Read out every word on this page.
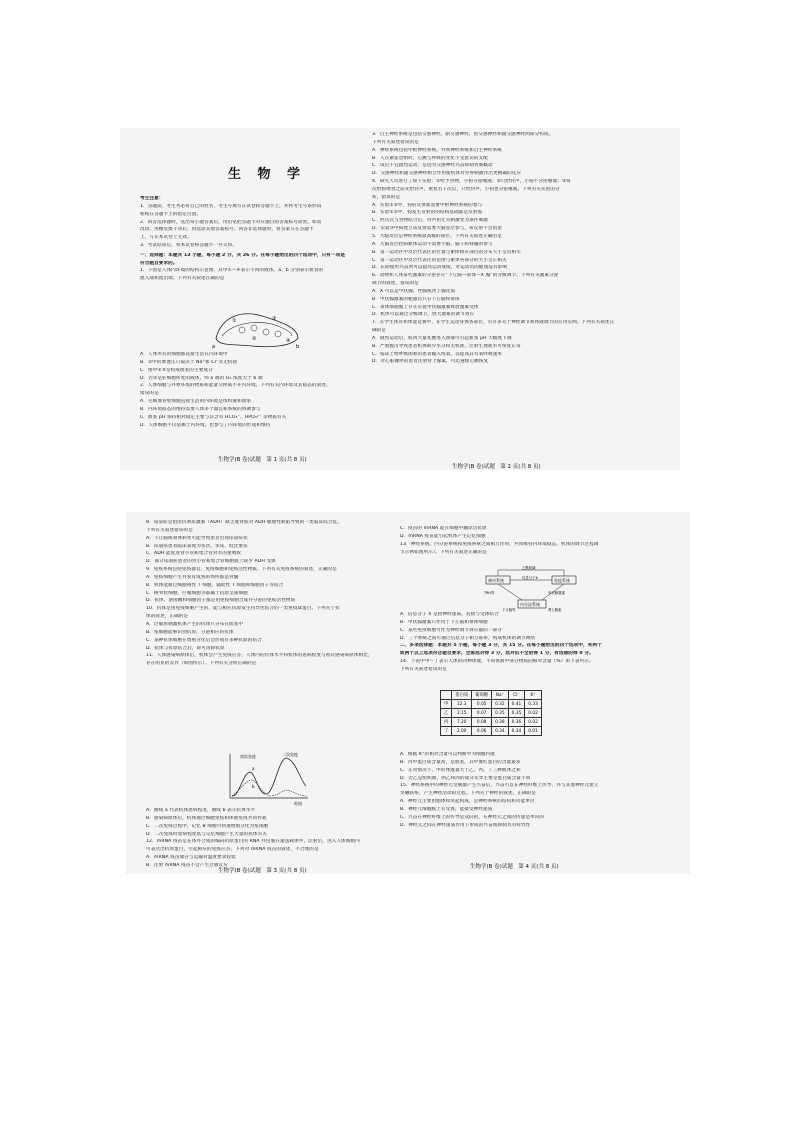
生 物 学

考生注意：

1．答题前，考生务必将自己的姓名、考生号填写在试卷和答题卡上，并将考生号条形码

粘贴在答题卡上的指定位置。

2．回答选择题时，选出每小题答案后，用铅笔把答题卡对应题目的答案标号涂黑。如需

改动，用橡皮擦干净后，再选涂其他答案标号。回答非选择题时，将答案写在答题卡

上，写在本试卷上无效。

3．考试结束后，将本试卷和答题卡一并交回。

一、选择题：本题共 13 小题，每小题 2 分，共 26 分。在每小题给出的四个选项中，只有一项是

符合题目要求的。

1．下图是人体内环境的结构示意图，其中①～④表示不同的液体，a、b 分别表示血管的

流入端和流出端。下列有关叙述正确的是

①
②
③
④
a	b

A．人体所有的细胞都直接生活在内环境中

B．①中的渗透压只取决于 Na⁺和 Cl⁻等无机盐

C．图中②③是构成血浆的主要成分

D．若②是肝细胞所处的液体，则 a 端的 O₂ 浓度大于 b 端

2．人体细胞与外界环境的物质和能量交换离不开内环境。下列有关内环境及其稳态的叙述，

错误的是

A．毛细血管壁细胞直接生活的内环境是组织液和血浆

B．内环境稳态的维持需要人体多个器官和系统的协调参与

C．血浆 pH 保持相对稳定主要与其含有 HCO₃⁻、HPO₄²⁻ 等物质有关

D．人体细胞不仅依赖于内环境，也参与了内环境的形成和维持

生物学(B 卷)试题　第 1 页(共 8 页)

3．自主神经系统是包括交感神经、副交感神经，由交感神经和副交感神经两部分构成。

下列有关叙述错误的是

A．神经系统包括中枢神经系统、外周神经系统和自主神经系统

B．人在紧张恐惧时，心跳与呼吸的变化不受意识的支配

C．饭后不宜剧烈运动，是因为交感神经兴奋抑制胃肠蠕动

D．交感神经和副交感神经相互作用使机体对外界刺激作出更精确的反应

4．研究人员进行了如下实验：①给予食物，小狗分泌唾液；②只给铃声，小狗不分泌唾液；③每

次给狗喂食之前先给铃声，重复若干次后，只给铃声，小狗也分泌唾液。下列有关实验的分

析，错误的是

A．实验①③中，狗的反射都需要中枢神经系统的参与

B．实验①③中，狗发生反射的的结构基础都是反射弧

C．经历次与食物结合后，铃声由无关刺激变为条件刺激

D．实验③中狗建立该反射需要大脑皮层参与，该反射不会消退

5．大脑皮层是神经系统最高级的部位。下列有关叙述正确的是

A．大脑皮层控制躯体运动不需要小脑、脑干和脊髓的参与

B．第一运动区中皮层代表区的位置与躯体相应部位的分布大小呈负相关

C．第一运动区中皮层代表区的范围与躯体各部分的大小呈正相关

D．长期使用兴奋剂可以提高运动成绩，对运动员的健康没有影响

6．动物和人体某些激素的分泌存在“下丘脑—垂体—X 腺”的分级调节。下列有关激素分泌

调节的叙述，错误的是

A．X 可以是甲状腺、性腺或肾上腺皮质

B．甲状腺激素的靶器官只有下丘脑和垂体

C．垂体细胞膜上存在有促甲状腺激素释放激素受体

D．机体可以通过分级调节，放大激素的调节效应

7．在学生体育和体能竞赛中，在学生运动身体各部位，有许多关于神经调节和体液调节的应用实例。下列有关叙述正

确的是

A．剧烈运动后，肌肉大量乳酸进入血液可引起血浆 pH 大幅度下降

B．严重腹泻导致患者机体缺少水分和无机盐，注射生理盐水可恢复正常

C．临床上给呼吸困难的患者输入纯氧，以提高其有氧呼吸速率

D．对心脏骤停的患者注射肾上腺素，可迅速使心跳恢复

生物学(B 卷)试题　第 2 页(共 8 页)

8．尿崩症是指由抗利尿激素（ADH）缺乏或肾脏对 ADH 敏感性缺陷导致的一类临床综合征。

下列有关叙述错误的是

A．下丘脑或垂体病变可能导致患者出现尿崩症状

B．尿崩症患者临床表现为多饮、多尿、低比重尿

C．ADH 能促进肾小管和集合管对水的重吸收

D．部分尿崩症患者的肾小管和集合管细胞膜上缺少 ADH 受体

9．免疫系统包括免疫器官、免疫细胞和免疫活性物质。下列有关免疫系统的叙述，正确的是

A．免疫细胞产生并发育成熟的场所都是骨髓

B．机体能通过细胞毒性 T 细胞、辅助性 T 细胞和细胞因子等结合

C．树突状细胞、巨噬细胞等都属于抗原呈递细胞

D．抗体、溶菌酶和细胞因子都是由免疫细胞合成并分泌的免疫活性物质

10．抗体是由免疫细胞产生的，能与相应抗原发生特异性结合的一类免疫球蛋白。下列关于抗

体的叙述，正确的是

A．过敏原刺激机体产生的抗体只分布在血浆中

B．浆细胞能够识别抗原，分泌相应的抗体

C．某种抗体细胞在增殖分化后会形成有多种抗原的结合

D．抗体与抗原结合后，即可清除抗原

11．人体感染病原体后，机体会产生免疫应答，人体内的抗体水平和机体的患病程度与初次感染病原体相比，

存在明显的差异（如图所示）。下列有关分析正确的是

初次免疫	二次免疫
a
b
时间

A．曲线 a 代表机体患病程度，曲线 b 表示抗体水平

B．感染病原体后，机体通过细胞免疫和体液免疫共同作战

C．二次免疫过程中，记忆 B 细胞可快速增殖分化为浆细胞

D．二次免疫时患病程度低与记忆细胞产生大量的抗体有关

12．mRNA 疫苗是在体外合成的编码抗原蛋白的 RNA 并包裹在递送载体中，注射后，进入人体细胞内

可表达出抗原蛋白，引起相应的免疫应答，下列对 mRNA 疫苗的叙述，不合理的是

A．mRNA 疫苗储存与运输对温度要求较低

B．注射 mRNA 疫苗不会产生过敏反应

生物学(B 卷)试题　第 3 页(共 8 页)

C．疫苗的 mRNA 能在细胞中翻译出抗原

D．mRNA 疫苗能引起机体产生记忆细胞

13．神经系统、内分泌系统和免疫系统之间相互作用，共同维持内环境稳态。机体的调节过程调

节示例如图所示）。下列有关叙述正确的是

神经系统	免疫系统
内分泌系统
乙酰胆碱
信息分子X
TRH等	甲状腺激素
下丘脑等	肾上腺素

A．信息分子 X 是指神经递质，直接与受体结合

B．甲状腺激素只作用于下丘脑和垂体细胞

C．某些免疫细胞可作为神经调节效应器的一部分

D．三个系统之间可通过信息分子相互联系，构成机体的调节网络

二、多项选择题：本题共 5 小题，每小题 3 分，共 15 分。在每小题给出的四个选项中，有两个

或两个以上选项符合题目要求，全部选对得 3 分，选对但不全的得 1 分，有选错的得 0 分。

14．下表中甲～丁表示人体的四种体液，不同体液中部分物质的相对含量（%）如下表所示。

下列有关叙述错误的是

	蛋白质	葡萄糖	Na⁺	Cl⁻	K⁺
甲	12.3	0.05	0.32	0.41	0.33
乙	2.15	0.07	0.35	0.35	0.02
丙	7.20	0.08	0.38	0.36	0.02
丁	2.00	0.06	0.34	0.34	0.01

A．根据 K⁺的相对含量可以判断甲为细胞内液

B．丙中蛋白质含量高，是血浆，其中血红蛋白的含量最多

C．正常情况下，甲的体液量大于乙、丙、丁三种液体之和

D．若乙是组织液，则乙和丙的成分差异主要是蛋白质含量不同

15．神经系统中的神经元受刺激产生兴奋后，兴奋可以在神经纤维上传导，并与其他神经元建立

突触联系，产生神经活动的过程。下列关于神经的叙述，正确的是

A．神经元主要由胞体和突起构成，是神经系统的结构和功能单位

B．神经元细胞膜上有受体，能接受神经递质

C．兴奋在神经纤维上的传导是双向的，在神经元之间的传递是单向的

D．神经元之间在神经递质作用下形成的兴奋或抑制具有特异性

生物学(B 卷)试题　第 4 页(共 8 页)
